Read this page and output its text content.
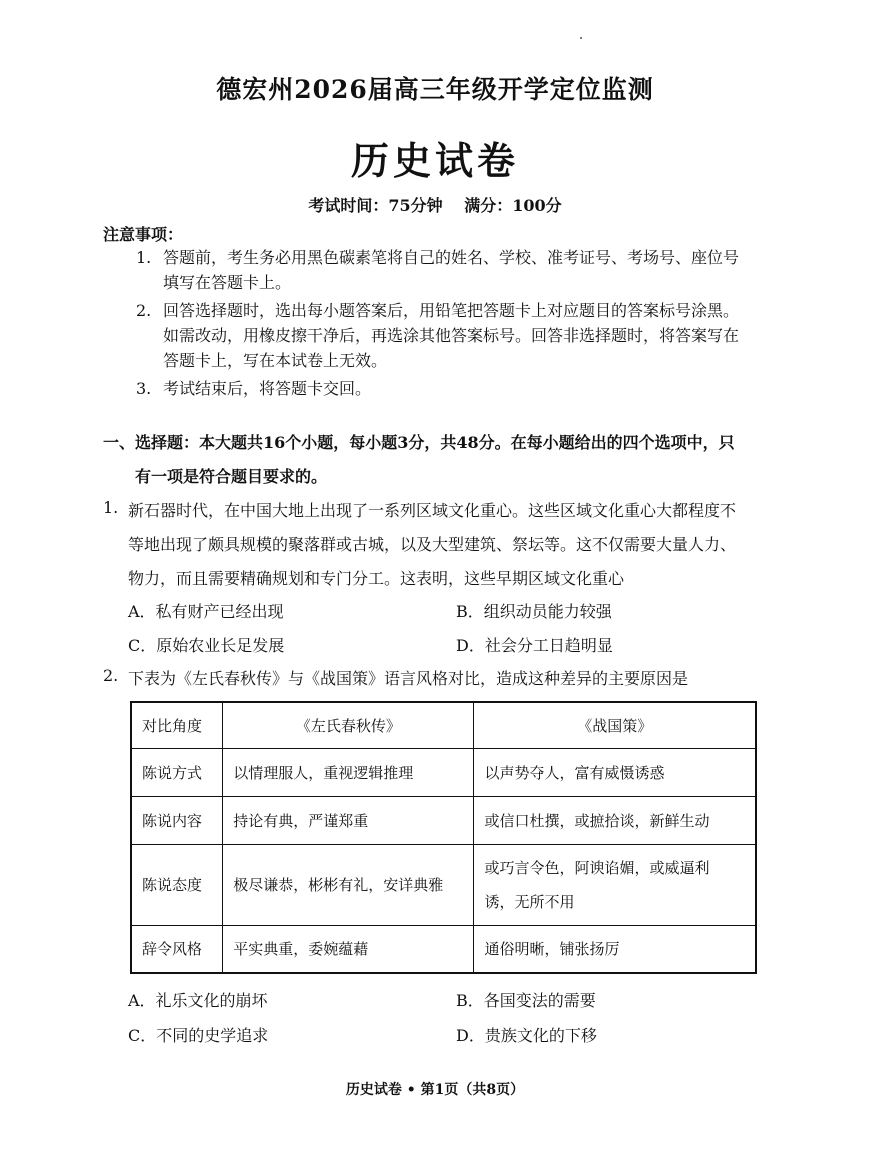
德宏州2026届高三年级开学定位监测
历史试卷
考试时间：75分钟 满分：100分
注意事项：
1. 答题前，考生务必用黑色碳素笔将自己的姓名、学校、准考证号、考场号、座位号
填写在答题卡上。
2. 回答选择题时，选出每小题答案后，用铅笔把答题卡上对应题目的答案标号涂黑。
如需改动，用橡皮擦干净后，再选涂其他答案标号。回答非选择题时，将答案写在
答题卡上，写在本试卷上无效。
3. 考试结束后，将答题卡交回。
一、选择题：本大题共16个小题，每小题3分，共48分。在每小题给出的四个选项中，只
有一项是符合题目要求的。
1. 新石器时代，在中国大地上出现了一系列区域文化重心。这些区域文化重心大都程度不
等地出现了颇具规模的聚落群或古城，以及大型建筑、祭坛等。这不仅需要大量人力、
物力，而且需要精确规划和专门分工。这表明，这些早期区域文化重心
A．私有财产已经出现	B．组织动员能力较强
C．原始农业长足发展	D．社会分工日趋明显
2. 下表为《左氏春秋传》与《战国策》语言风格对比，造成这种差异的主要原因是
对比角度	《左氏春秋传》	《战国策》
陈说方式	以情理服人，重视逻辑推理	以声势夺人，富有威慑诱惑
陈说内容	持论有典，严谨郑重	或信口杜撰，或摭拾谈，新鲜生动
陈说态度	极尽谦恭，彬彬有礼，安详典雅	或巧言令色，阿谀谄媚，或威逼利
诱，无所不用

辞令风格	平实典重，委婉蕴藉	通俗明晰，铺张扬厉
A．礼乐文化的崩坏	B．各国变法的需要
C．不同的史学追求	D．贵族文化的下移
历史试卷 • 第1页（共8页）
